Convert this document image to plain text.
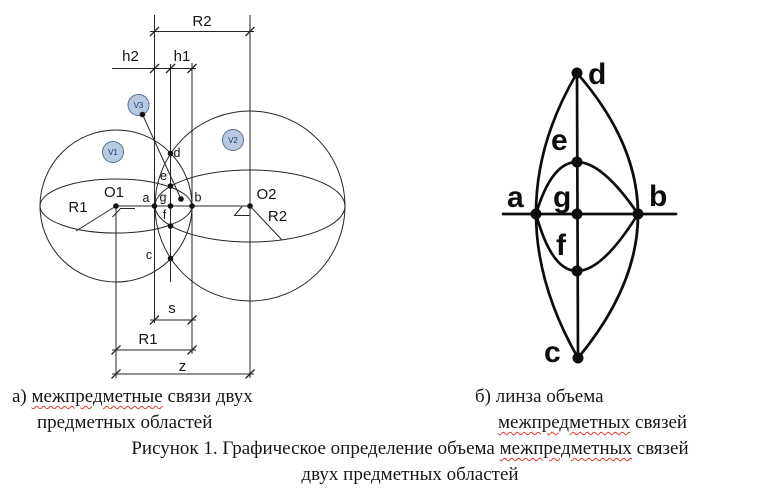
R2
h2 h1
O1	O2
R1
R2
s
R1
z
a	b
c
d
e
g
f
V1
V2
V3
d
e
a g	b
f
c
а) межпредметные связи двух
предметных областей
б) линза объема
межпредметных связей
Рисунок 1. Графическое определение объема межпредметных связей
двух предметных областей
